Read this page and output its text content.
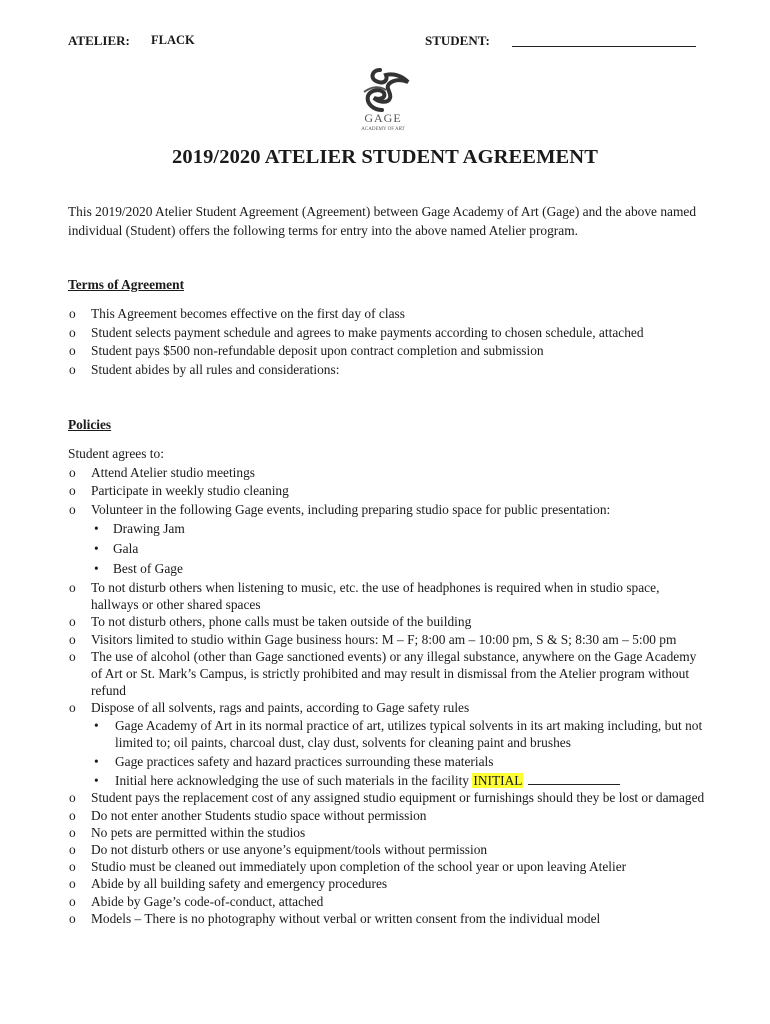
ATELIER: FLACK	STUDENT:
GAGE
ACADEMY OF ART
2019/2020 ATELIER STUDENT AGREEMENT
This 2019/2020 Atelier Student Agreement (Agreement) between Gage Academy of Art (Gage) and the above named individual (Student) offers the following terms for entry into the above named Atelier program.
Terms of Agreement
o This Agreement becomes effective on the first day of class
o Student selects payment schedule and agrees to make payments according to chosen schedule, attached
o Student pays $500 non-refundable deposit upon contract completion and submission
o Student abides by all rules and considerations:
Policies
Student agrees to:
o Attend Atelier studio meetings
o Participate in weekly studio cleaning
o Volunteer in the following Gage events, including preparing studio space for public presentation:
• Drawing Jam
• Gala
• Best of Gage
o To not disturb others when listening to music, etc. the use of headphones is required when in studio space, hallways or other shared spaces
o To not disturb others, phone calls must be taken outside of the building
o Visitors limited to studio within Gage business hours: M – F; 8:00 am – 10:00 pm, S & S; 8:30 am – 5:00 pm
o The use of alcohol (other than Gage sanctioned events) or any illegal substance, anywhere on the Gage Academy of Art or St. Mark’s Campus, is strictly prohibited and may result in dismissal from the Atelier program without refund
o Dispose of all solvents, rags and paints, according to Gage safety rules
• Gage Academy of Art in its normal practice of art, utilizes typical solvents in its art making including, but not limited to; oil paints, charcoal dust, clay dust, solvents for cleaning paint and brushes
• Gage practices safety and hazard practices surrounding these materials
• Initial here acknowledging the use of such materials in the facility INITIAL
o Student pays the replacement cost of any assigned studio equipment or furnishings should they be lost or damaged
o Do not enter another Students studio space without permission
o No pets are permitted within the studios
o Do not disturb others or use anyone’s equipment/tools without permission
o Studio must be cleaned out immediately upon completion of the school year or upon leaving Atelier
o Abide by all building safety and emergency procedures
o Abide by Gage’s code-of-conduct, attached
o Models – There is no photography without verbal or written consent from the individual model
